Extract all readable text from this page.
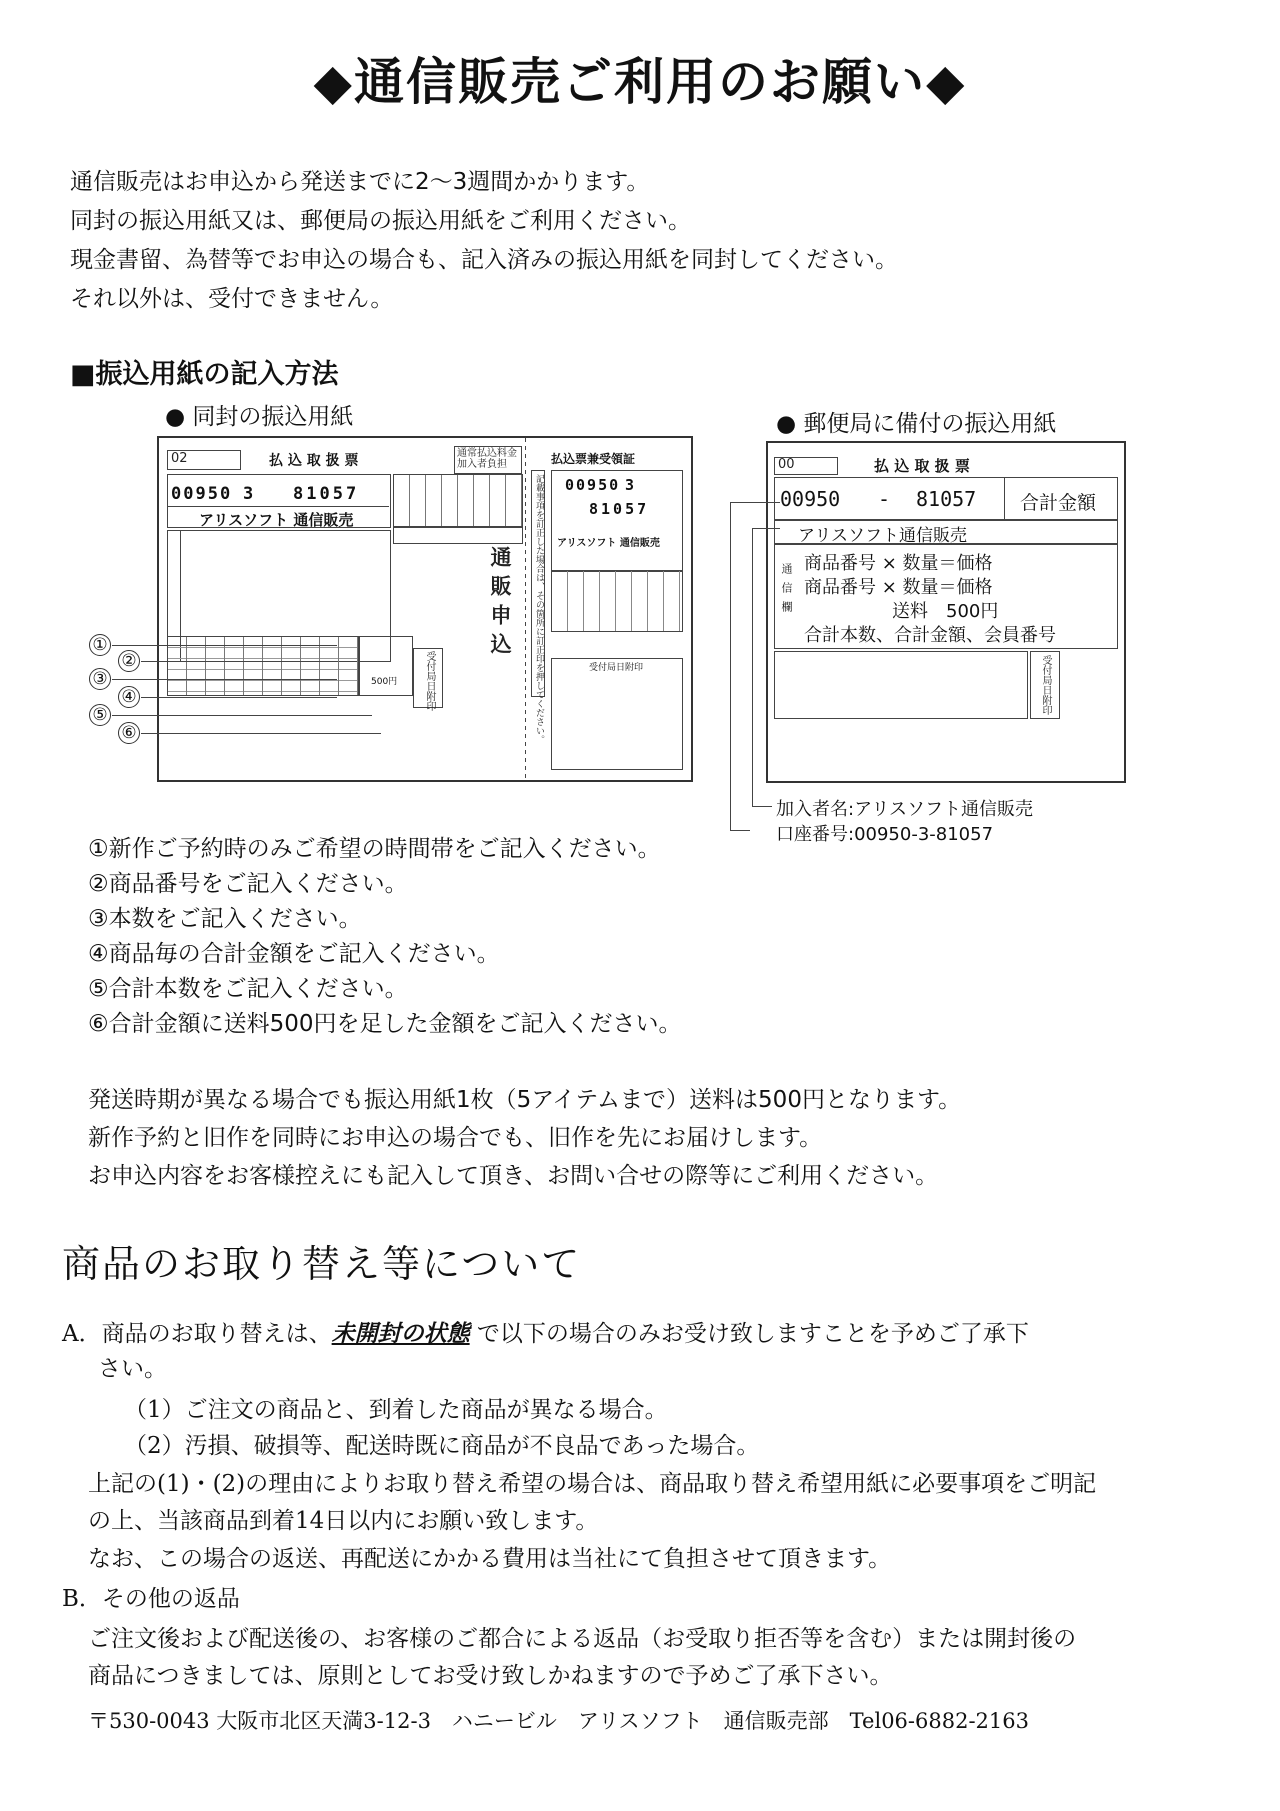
◆通信販売ご利用のお願い◆
通信販売はお申込から発送までに2～3週間かかります。
同封の振込用紙又は、郵便局の振込用紙をご利用ください。
現金書留、為替等でお申込の場合も、記入済みの振込用紙を同封してください。
それ以外は、受付できません。
■振込用紙の記入方法
● 同封の振込用紙
02	払 込 取 扱 票	通常払込料金
加入者負担
00950 3 81057
アリスソフト 通信販売
通販申込
500円	受付局日附印
払込票兼受領証
記載事項を訂正した場合は、その箇所に訂正印を押してください。 00950 3
81057
アリスソフト 通信販売
受付局日附印
①
②
③
④
⑤
⑥
● 郵便局に備付の振込用紙
00	払 込 取 扱 票
00950 - 81057 合計金額
アリスソフト通信販売
通信欄 商品番号 × 数量＝価格
商品番号 × 数量＝価格
送料　500円
合計本数、合計金額、会員番号
受付局日附印
加入者名:アリスソフト通信販売
口座番号:00950-3-81057
①新作ご予約時のみご希望の時間帯をご記入ください。
②商品番号をご記入ください。
③本数をご記入ください。
④商品毎の合計金額をご記入ください。
⑤合計本数をご記入ください。
⑥合計金額に送料500円を足した金額をご記入ください。
発送時期が異なる場合でも振込用紙1枚（5アイテムまで）送料は500円となります。
新作予約と旧作を同時にお申込の場合でも、旧作を先にお届けします。
お申込内容をお客様控えにも記入して頂き、お問い合せの際等にご利用ください。
商品のお取り替え等について
A．商品のお取り替えは、未開封の状態 で以下の場合のみお受け致しますことを予めご了承下
さい。
（1）ご注文の商品と、到着した商品が異なる場合。
（2）汚損、破損等、配送時既に商品が不良品であった場合。
上記の(1)・(2)の理由によりお取り替え希望の場合は、商品取り替え希望用紙に必要事項をご明記
の上、当該商品到着14日以内にお願い致します。
なお、この場合の返送、再配送にかかる費用は当社にて負担させて頂きます。
B．その他の返品
ご注文後および配送後の、お客様のご都合による返品（お受取り拒否等を含む）または開封後の
商品につきましては、原則としてお受け致しかねますので予めご了承下さい。
〒530-0043 大阪市北区天満3-12-3　ハニービル　アリスソフト　通信販売部　Tel06-6882-2163
